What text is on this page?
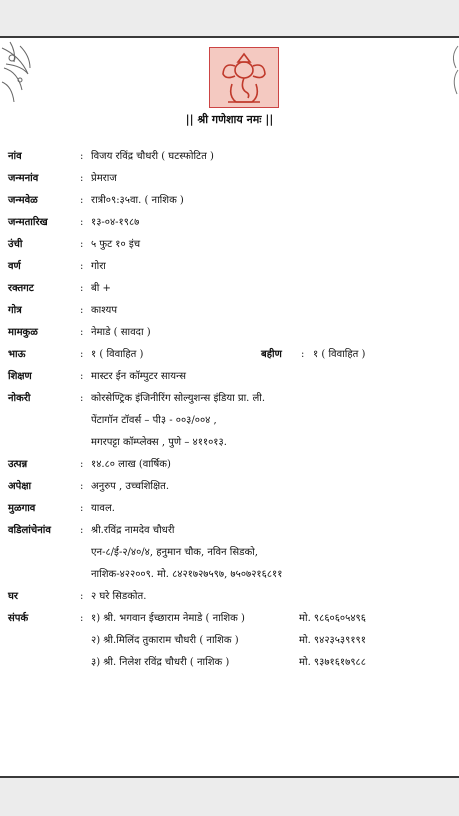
|| श्री गणेशाय नमः ||
नांव	: विजय रविंद्र चौधरी ( घटस्फोटित )
जन्मनांव	: प्रेमराज
जन्मवेळ	: रात्री०९:३५वा. ( नाशिक )
जन्मतारिख	: १३-०४-१९८७
उंची	: ५ फुट १० इंच
वर्ण	: गोरा
रक्तगट	: बी +
गोत्र	: काश्यप
मामकुळ	: नेमाडे ( सावदा )
भाऊ	: १ ( विवाहित )	बहीण : १ ( विवाहित )
शिक्षण	: मास्टर ईन कॉम्पुटर सायन्स
नोकरी	: कोरसेण्ट्रिक इंजिनीरिंग सोल्युशन्स इंडिया प्रा. ली.
पेंटागॉन टॉवर्स – पी३ - ००३/००४ ,
मगरपट्टा कॉम्प्लेक्स , पुणे – ४११०१३.
उत्पन्न	: १४.८० लाख (वार्षिक)
अपेक्षा	: अनुरुप , उच्चशिक्षित.
मुळगाव	: यावल.
वडिलांचेनांव	: श्री.रविंद्र नामदेव चौधरी
एन-८/ई-२/४०/४, हनुमान चौक, नविन सिडको,
नाशिक-४२२००९. मो. ८४२१७२७५९७, ७५०७२१६८११
घर	: २ घरे सिडकोत.
संपर्क	: १) श्री. भगवान ईच्छाराम नेमाडे ( नाशिक )	मो. ९८६०६०५४९६
२) श्री.मिलिंद तुकाराम चौधरी ( नाशिक )	मो. ९४२३५३९१९१
३) श्री. निलेश रविंद्र चौधरी ( नाशिक )	मो. ९३७१६१७९८८
